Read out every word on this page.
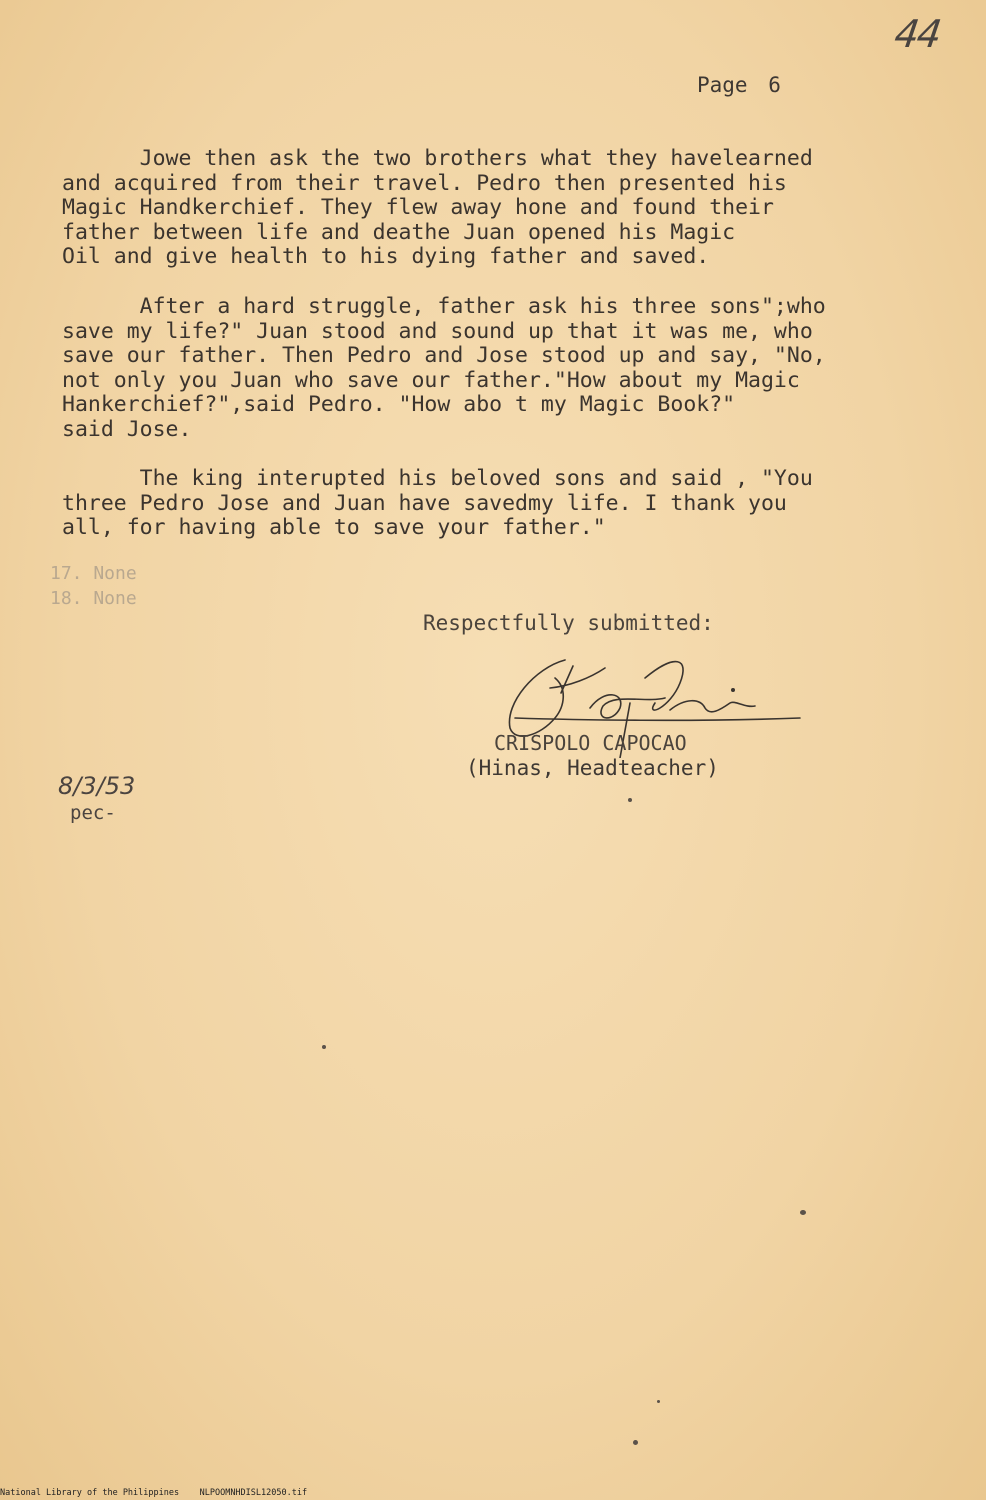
44
Page 6
Jowe then ask the two brothers what they havelearned
and acquired from their travel. Pedro then presented his
Magic Handkerchief. They flew away hone and found their
father between life and deathe Juan opened his Magic
Oil and give health to his dying father and saved.
After a hard struggle, father ask his three sons";who
save my life?" Juan stood and sound up that it was me, who
save our father. Then Pedro and Jose stood up and say, "No,
not only you Juan who save our father."How about my Magic
Hankerchief?",said Pedro. "How abo t my Magic Book?"
said Jose.
The king interupted his beloved sons and said , "You
three Pedro Jose and Juan have savedmy life. I thank you
all, for having able to save your father."
17. None
18. None
Respectfully submitted:
CRISPOLO CAPOCAO
(Hinas, Headteacher)
8/3/53
pec-
National Library of the Philippines NLPOOMNHDISL12050.tif
